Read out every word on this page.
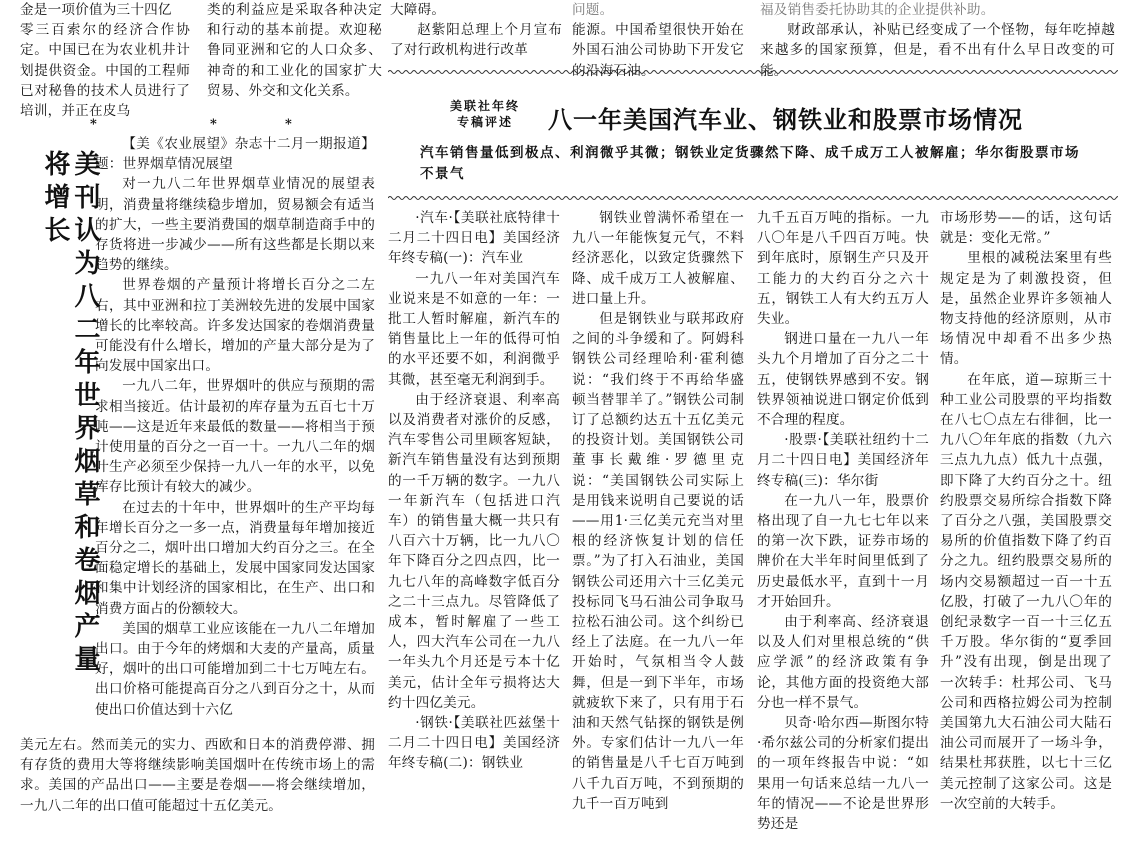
金是一项价值为三十四亿

零三百索尔的经济合作协定。中国已在为农业机井计划提供资金。中国的工程师已对秘鲁的技术人员进行了培训，并正在皮乌

类的利益应是采取各种决定和行动的基本前提。欢迎秘鲁同亚洲和它的人口众多、神奇的和工业化的国家扩大贸易、外交和文化关系。

大障碍。

赵紫阳总理上个月宣布了对行政机构进行改革

问题。

能源。中国希望很快开始在外国石油公司协助下开发它的沿海石油。

福及销售委托协助其的企业提供补助。

财政部承认，补贴已经变成了一个怪物，每年吃掉越来越多的国家预算，但是，看不出有什么早日改变的可能。

*	*	*
美刊认为八二年世界烟草和卷烟产量将增长

【美《农业展望》杂志十二月一期报道】题：世界烟草情况展望

对一九八二年世界烟草业情况的展望表明，消费量将继续稳步增加，贸易额会有适当的扩大，一些主要消费国的烟草制造商手中的存货将进一步减少——所有这些都是长期以来趋势的继续。

世界卷烟的产量预计将增长百分之二左右，其中亚洲和拉丁美洲较先进的发展中国家增长的比率较高。许多发达国家的卷烟消费量可能没有什么增长，增加的产量大部分是为了向发展中国家出口。

一九八二年，世界烟叶的供应与预期的需求相当接近。估计最初的库存量为五百七十万吨——这是近年来最低的数量——将相当于预计使用量的百分之一百一十。一九八二年的烟叶生产必须至少保持一九八一年的水平，以免库存比预计有较大的减少。

在过去的十年中，世界烟叶的生产平均每年增长百分之一多一点，消费量每年增加接近百分之二，烟叶出口增加大约百分之三。在全面稳定增长的基础上，发展中国家同发达国家和集中计划经济的国家相比，在生产、出口和消费方面占的份额较大。

美国的烟草工业应该能在一九八二年增加出口。由于今年的烤烟和大麦的产量高，质量好，烟叶的出口可能增加到二十七万吨左右。出口价格可能提高百分之八到百分之十，从而使出口价值达到十六亿

美元左右。然而美元的实力、西欧和日本的消费停滞、拥有存货的费用大等将继续影响美国烟叶在传统市场上的需求。美国的产品出口——主要是卷烟——将会继续增加，一九八二年的出口值可能超过十五亿美元。

美联社年终
专稿评述	八一年美国汽车业、钢铁业和股票市场情况
汽车销售量低到极点、利润微乎其微；钢铁业定货骤然下降、成千成万工人被解雇；华尔街股票市场不景气

·汽车·【美联社底特律十二月二十四日电】美国经济年终专稿(一)：汽车业

一九八一年对美国汽车业说来是不如意的一年：一批工人暂时解雇，新汽车的销售量比上一年的低得可怕的水平还要不如，利润微乎其微，甚至毫无利润到手。

由于经济衰退、利率高以及消费者对涨价的反感，汽车零售公司里顾客短缺，新汽车销售量没有达到预期的一千万辆的数字。一九八一年新汽车（包括进口汽车）的销售量大概一共只有八百六十万辆，比一九八〇年下降百分之四点四，比一九七八年的高峰数字低百分之二十三点九。尽管降低了成本，暂时解雇了一些工人，四大汽车公司在一九八一年头九个月还是亏本十亿美元，估计全年亏损将达大约十四亿美元。

·钢铁·【美联社匹兹堡十二月二十四日电】美国经济年终专稿(二)：钢铁业

钢铁业曾满怀希望在一九八一年能恢复元气，不料经济恶化，以致定货骤然下降、成千成万工人被解雇、进口量上升。

但是钢铁业与联邦政府之间的斗争缓和了。阿姆科钢铁公司经理哈利·霍利德说：“我们终于不再给华盛顿当替罪羊了。”钢铁公司制订了总额约达五十五亿美元的投资计划。美国钢铁公司董事长戴维·罗德里克说：“美国钢铁公司实际上是用钱来说明自己要说的话——用1·三亿美元充当对里根的经济恢复计划的信任票。”为了打入石油业，美国钢铁公司还用六十三亿美元投标同飞马石油公司争取马拉松石油公司。这个纠纷已经上了法庭。在一九八一年开始时，气氛相当令人鼓舞，但是一到下半年，市场就疲软下来了，只有用于石油和天然气钻探的钢铁是例外。专家们估计一九八一年的销售量是八千七百万吨到八千九百万吨，不到预期的九千一百万吨到

九千五百万吨的指标。一九八〇年是八千四百万吨。快到年底时，原钢生产只及开工能力的大约百分之六十五，钢铁工人有大约五万人失业。

钢进口量在一九八一年头九个月增加了百分之二十五，使钢铁界感到不安。钢铁界领袖说进口钢定价低到不合理的程度。

·股票·【美联社纽约十二月二十四日电】美国经济年终专稿(三)：华尔街

在一九八一年，股票价格出现了自一九七七年以来的第一次下跌，证券市场的牌价在大半年时间里低到了历史最低水平，直到十一月才开始回升。

由于利率高、经济衰退以及人们对里根总统的“供应学派”的经济政策有争论，其他方面的投资绝大部分也一样不景气。

贝奇·哈尔西—斯图尔特·希尔兹公司的分析家们提出的一项年终报告中说：“如果用一句话来总结一九八一年的情况——不论是世界形势还是

市场形势——的话，这句话就是：变化无常。”

里根的减税法案里有些规定是为了刺激投资，但是，虽然企业界许多领袖人物支持他的经济原则，从市场情况中却看不出多少热情。

在年底，道—琼斯三十种工业公司股票的平均指数在八七〇点左右徘徊，比一九八〇年年底的指数（九六三点九九点）低九十点强，即下降了大约百分之十。纽约股票交易所综合指数下降了百分之八强，美国股票交易所的价值指数下降了约百分之九。纽约股票交易所的场内交易额超过一百一十五亿股，打破了一九八〇年的创纪录数字一百一十三亿五千万股。华尔街的“夏季回升”没有出现，倒是出现了一次转手：杜邦公司、飞马公司和西格拉姆公司为控制美国第九大石油公司大陆石油公司而展开了一场斗争，结果杜邦获胜，以七十三亿美元控制了这家公司。这是一次空前的大转手。
